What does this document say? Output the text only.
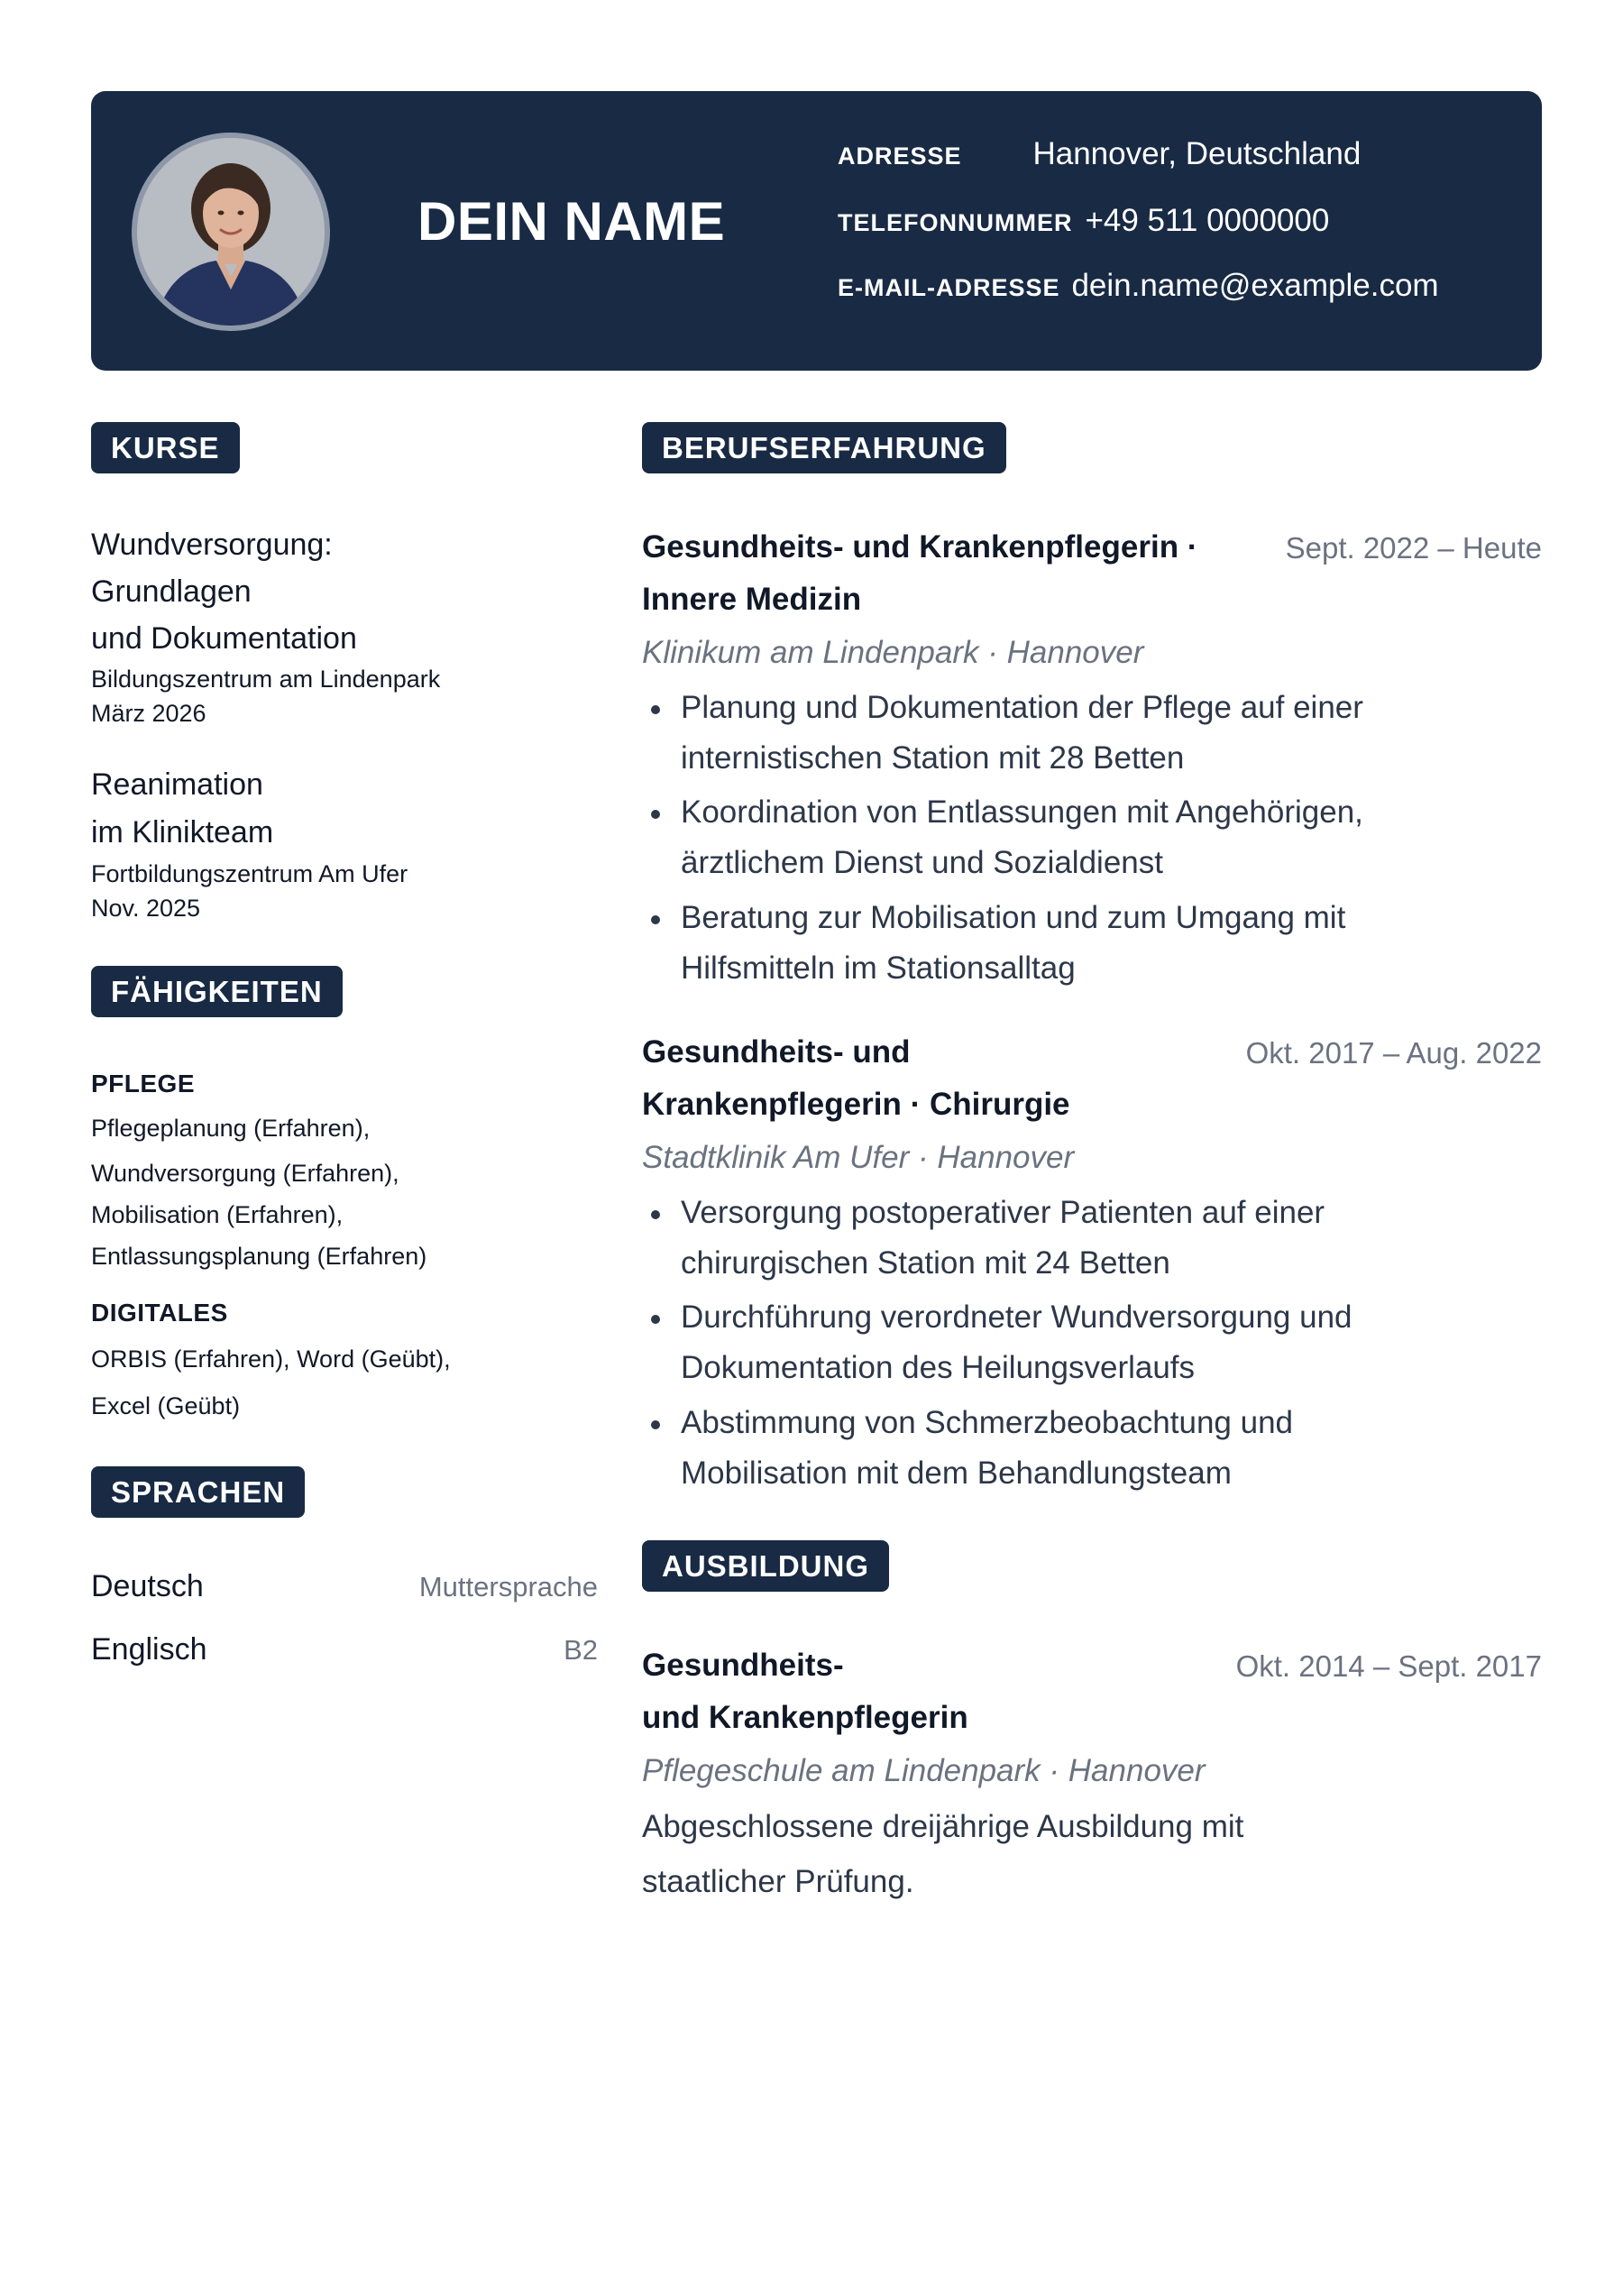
DEIN NAME
ADRESSE Hannover, Deutschland
TELEFONNUMMER +49 511 0000000
E-MAIL-ADRESSE dein.name@example.com
KURSE
Wundversorgung:
Grundlagen
und Dokumentation
Bildungszentrum am Lindenpark
März 2026
Reanimation
im Klinikteam
Fortbildungszentrum Am Ufer
Nov. 2025
FÄHIGKEITEN
PFLEGE
Pflegeplanung (Erfahren),
Wundversorgung (Erfahren),
Mobilisation (Erfahren),
Entlassungsplanung (Erfahren)
DIGITALES
ORBIS (Erfahren), Word (Geübt),
Excel (Geübt)
SPRACHEN
Deutsch	Muttersprache
Englisch	B2
BERUFSERFAHRUNG
Gesundheits- und Krankenpflegerin ·
Innere Medizin
Sept. 2022 – Heute
Klinikum am Lindenpark · Hannover
Planung und Dokumentation der Pflege auf einer
internistischen Station mit 28 Betten
Koordination von Entlassungen mit Angehörigen,
ärztlichem Dienst und Sozialdienst
Beratung zur Mobilisation und zum Umgang mit
Hilfsmitteln im Stationsalltag
Gesundheits- und
Krankenpflegerin · Chirurgie
Okt. 2017 – Aug. 2022
Stadtklinik Am Ufer · Hannover
Versorgung postoperativer Patienten auf einer
chirurgischen Station mit 24 Betten
Durchführung verordneter Wundversorgung und
Dokumentation des Heilungsverlaufs
Abstimmung von Schmerzbeobachtung und
Mobilisation mit dem Behandlungsteam
AUSBILDUNG
Gesundheits-
und Krankenpflegerin
Okt. 2014 – Sept. 2017
Pflegeschule am Lindenpark · Hannover
Abgeschlossene dreijährige Ausbildung mit
staatlicher Prüfung.
